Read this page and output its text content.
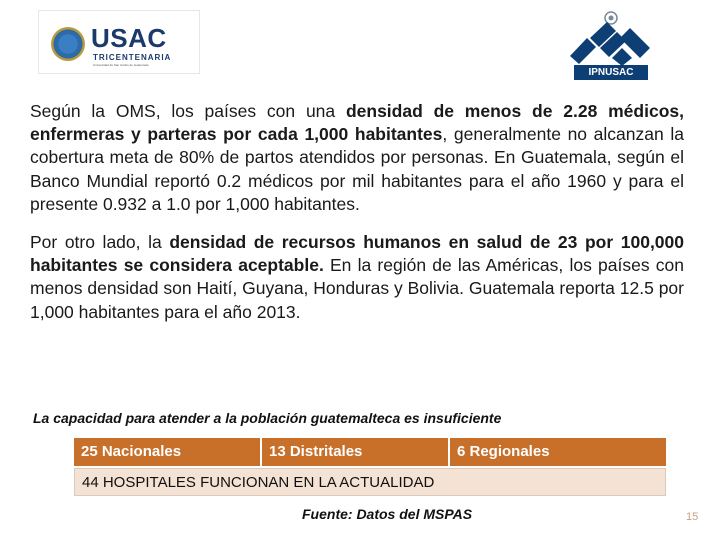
USAC
TRICENTENARIA
Universidad de San Carlos de Guatemala
IPNUSAC

Según la OMS, los países con una densidad de menos de 2.28 médicos, enfermeras y parteras por cada 1,000 habitantes, generalmente no alcanzan la cobertura meta de 80% de partos atendidos por personas. En Guatemala, según el Banco Mundial reportó 0.2 médicos por mil habitantes para el año 1960 y para el presente 0.932 a 1.0 por 1,000 habitantes.

Por otro lado, la densidad de recursos humanos en salud de 23 por 100,000 habitantes se considera aceptable. En la región de las Américas, los países con menos densidad son Haití, Guyana, Honduras y Bolivia. Guatemala reporta 12.5 por 1,000 habitantes para el año 2013.

La capacidad para atender a la población guatemalteca es insuficiente
25 Nacionales	13 Distritales	6 Regionales
44 HOSPITALES FUNCIONAN EN LA ACTUALIDAD
Fuente: Datos del MSPAS	15
